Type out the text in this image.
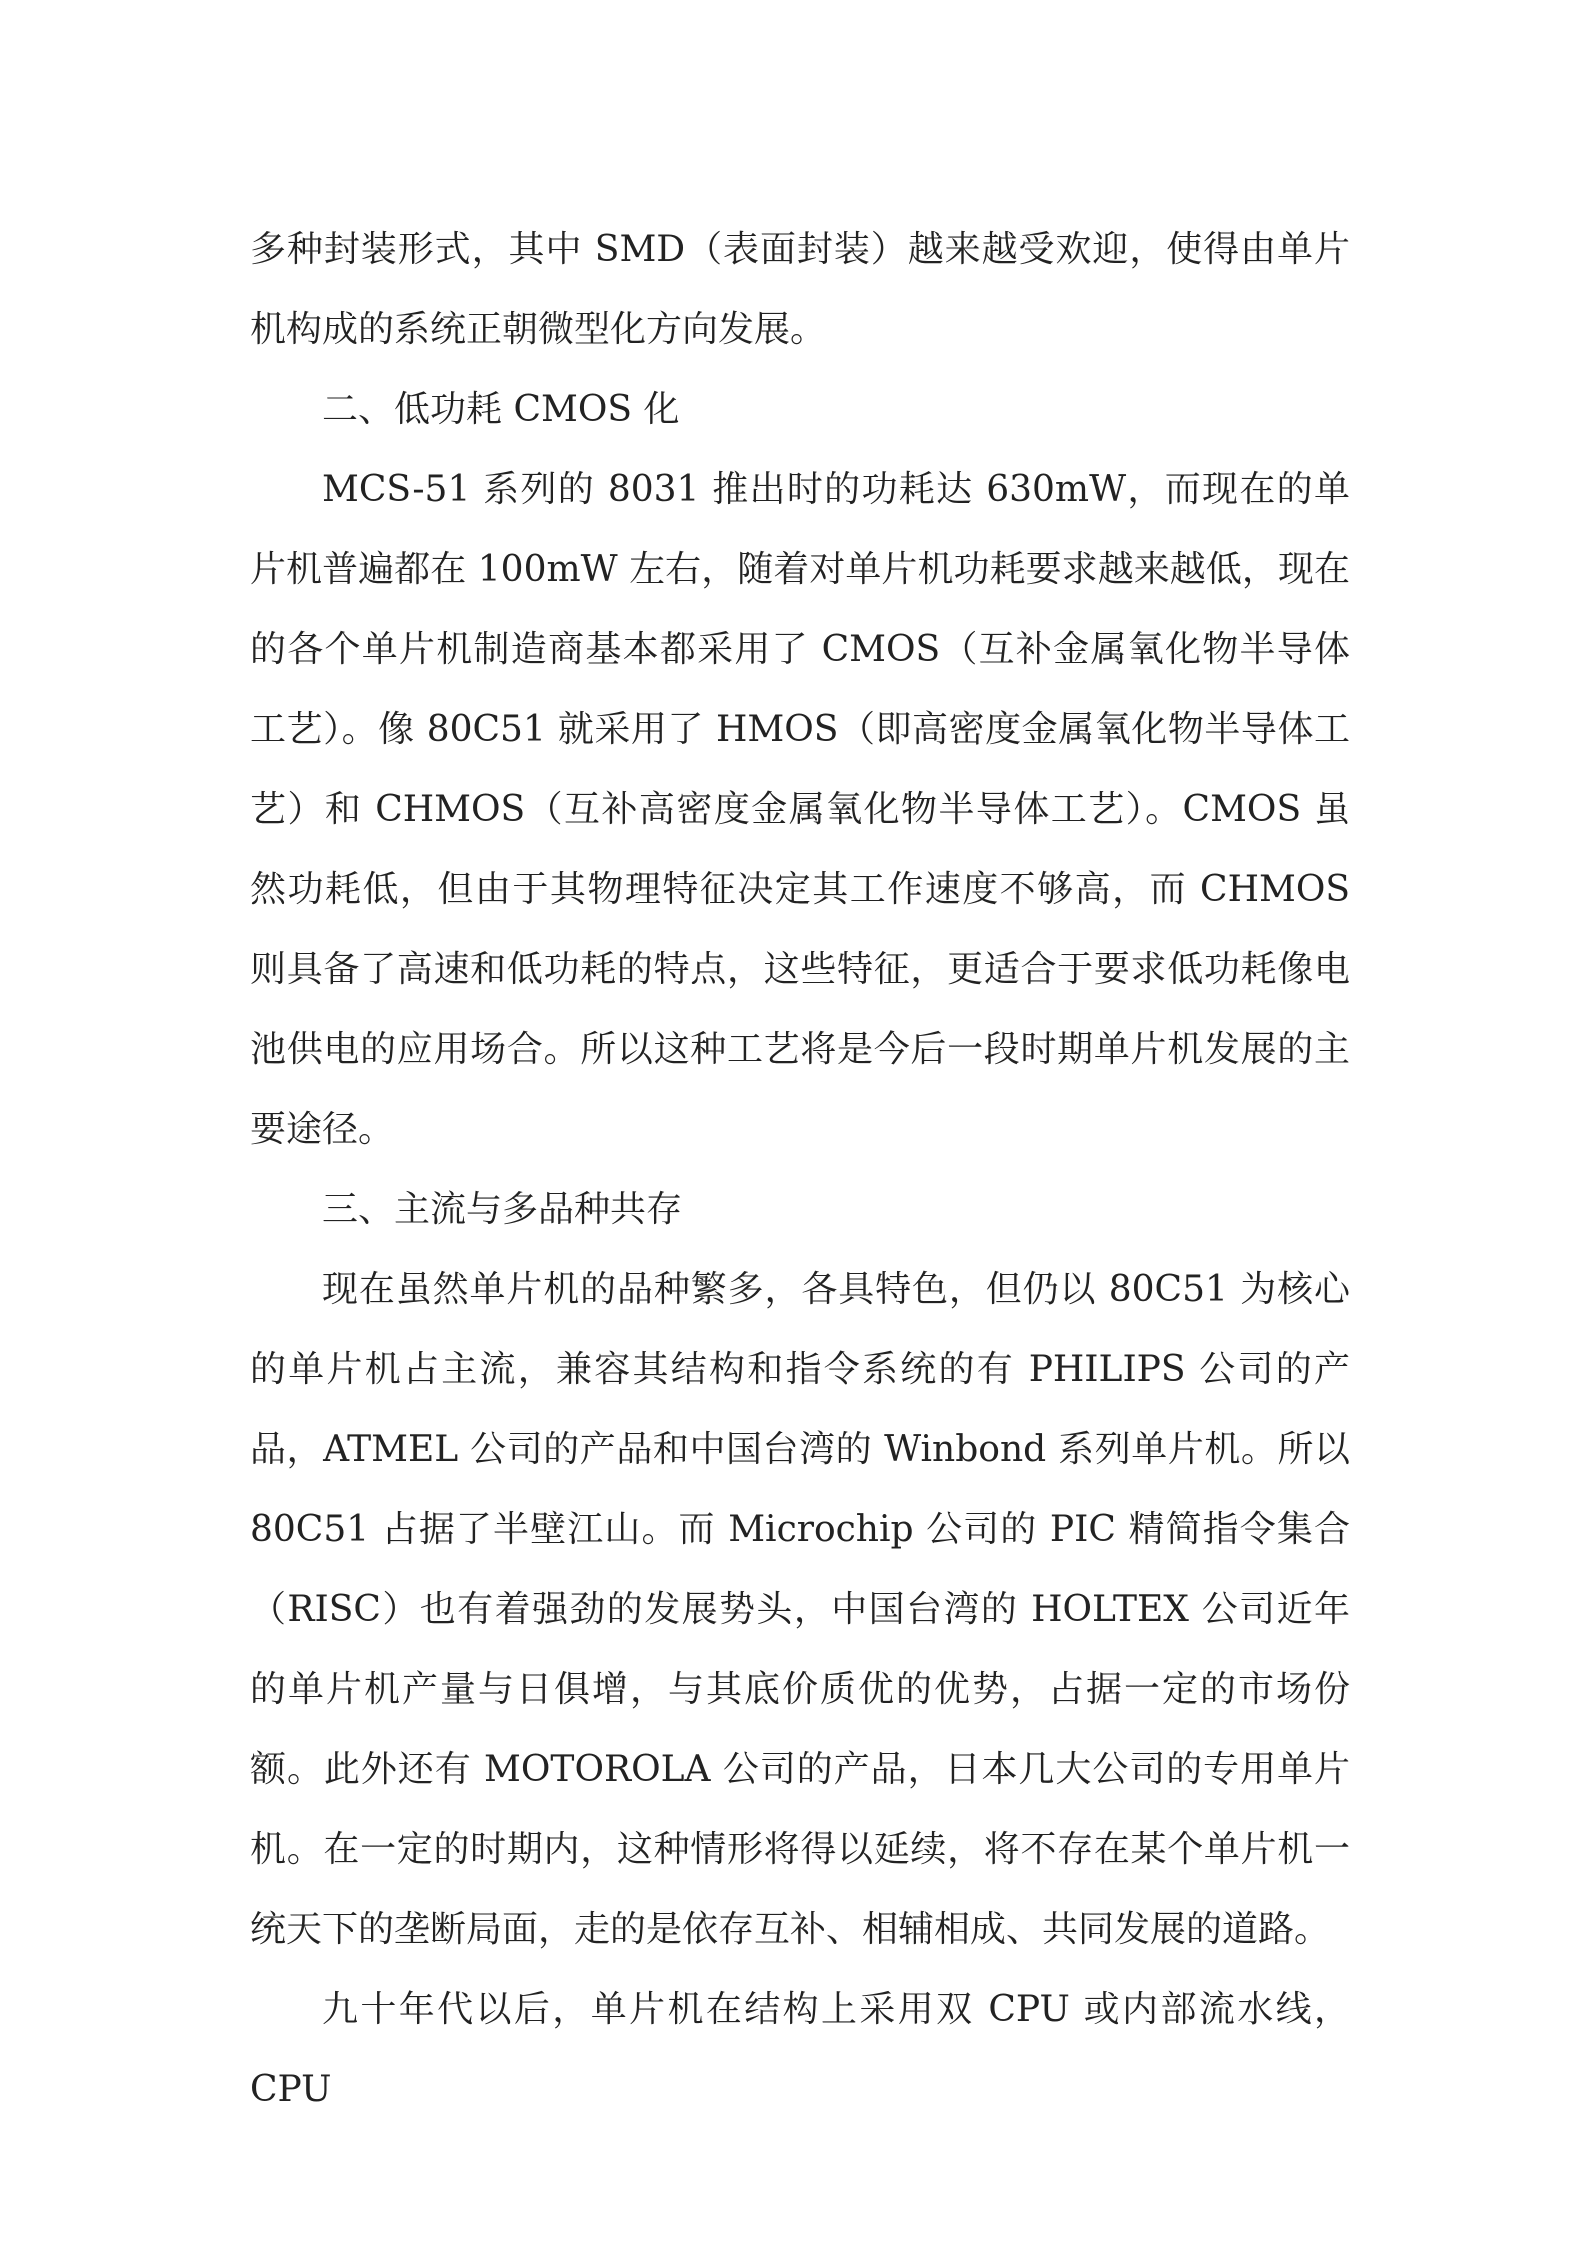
多种封装形式，其中 SMD（表面封装）越来越受欢迎，使得由单片机构成的系统正朝微型化方向发展。

二、低功耗 CMOS 化

MCS-51 系列的 8031 推出时的功耗达 630mW，而现在的单片机普遍都在 100mW 左右，随着对单片机功耗要求越来越低，现在的各个单片机制造商基本都采用了 CMOS（互补金属氧化物半导体工艺）。像 80C51 就采用了 HMOS（即高密度金属氧化物半导体工艺）和 CHMOS（互补高密度金属氧化物半导体工艺）。CMOS 虽然功耗低，但由于其物理特征决定其工作速度不够高，而 CHMOS 则具备了高速和低功耗的特点，这些特征，更适合于要求低功耗像电池供电的应用场合。所以这种工艺将是今后一段时期单片机发展的主要途径。

三、主流与多品种共存

现在虽然单片机的品种繁多，各具特色，但仍以 80C51 为核心的单片机占主流，兼容其结构和指令系统的有 PHILIPS 公司的产品，ATMEL 公司的产品和中国台湾的 Winbond 系列单片机。所以 80C51 占据了半壁江山。而 Microchip 公司的 PIC 精简指令集合（RISC）也有着强劲的发展势头，中国台湾的 HOLTEX 公司近年的单片机产量与日俱增，与其底价质优的优势，占据一定的市场份额。此外还有 MOTOROLA 公司的产品，日本几大公司的专用单片机。在一定的时期内，这种情形将得以延续，将不存在某个单片机一统天下的垄断局面，走的是依存互补、相辅相成、共同发展的道路。

九十年代以后，单片机在结构上采用双 CPU 或内部流水线，CPU
